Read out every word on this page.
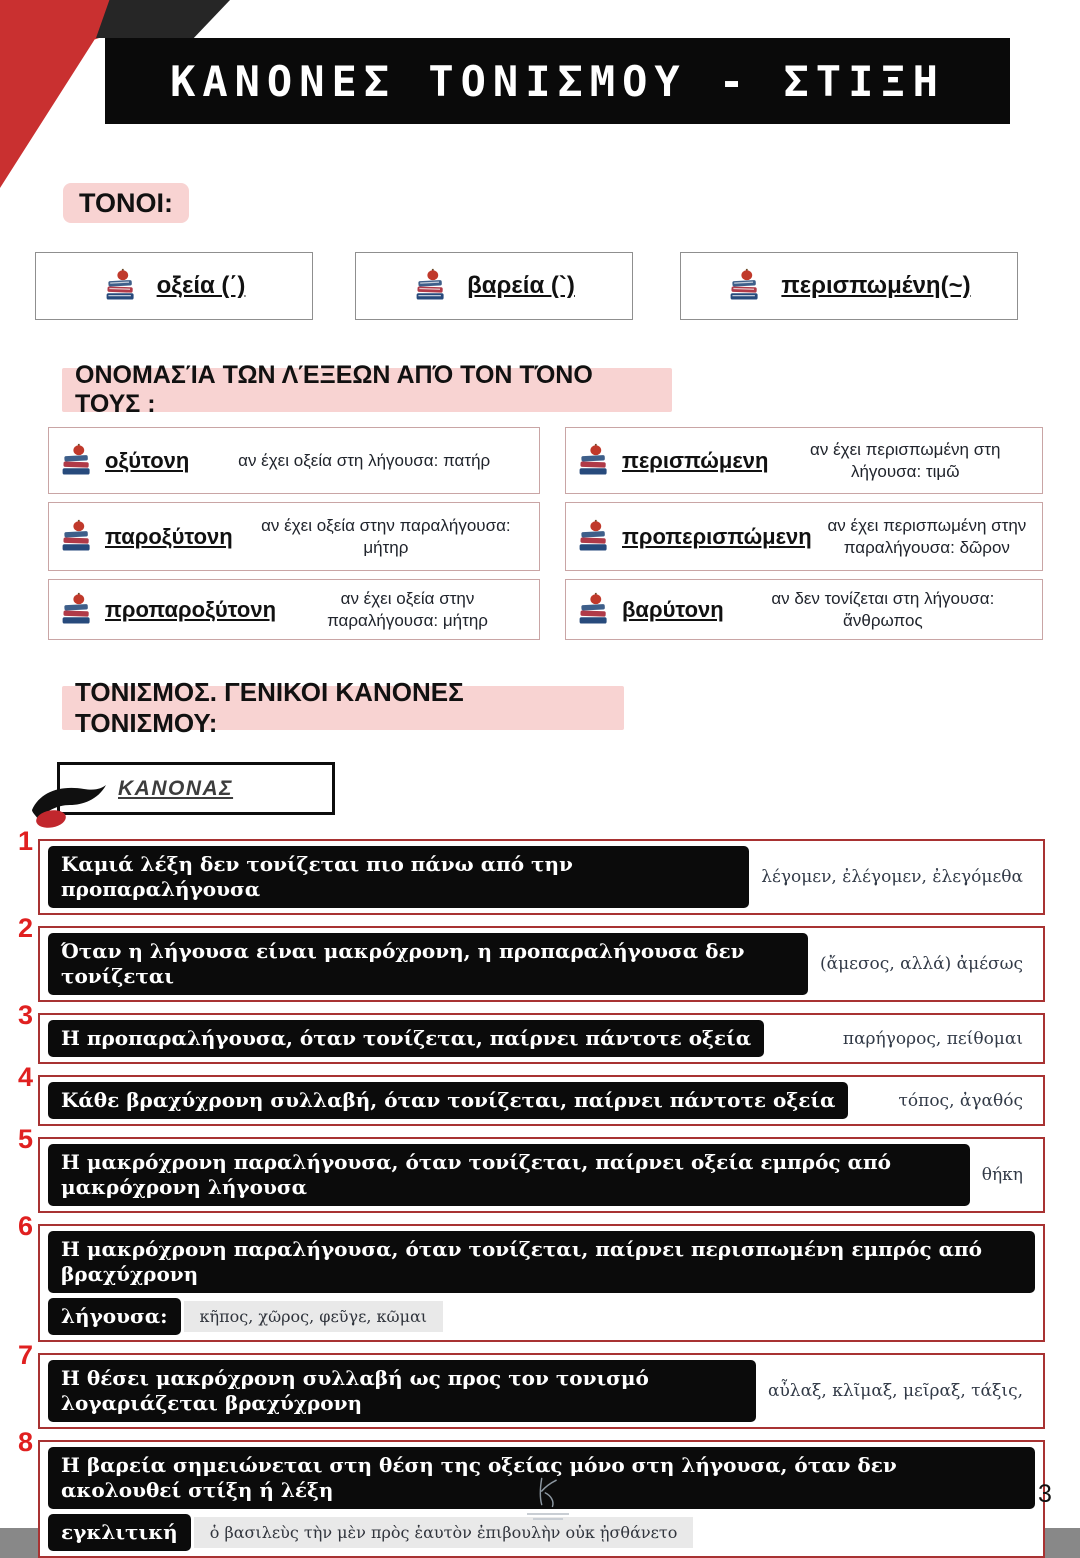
ΚΑΝΟΝΕΣ ΤΟΝΙΣΜΟΥ - ΣΤΙΞΗ
ΤΟΝΟΙ:
οξεία (΄)	βαρεία (`)	περισπωμένη(~)
ΟΝΟΜΑΣΊΑ ΤΩΝ ΛΈΞΕΩΝ ΑΠΌ ΤΟΝ ΤΌΝΟ ΤΟΥΣ :
οξύτονη	αν έχει οξεία στη λήγουσα: πατήρ	περισπώμενη	αν έχει περισπωμένη στη λήγουσα: τιμῶ
παροξύτονη	αν έχει οξεία στην παραλήγουσα: μήτηρ	προπερισπώμενη αν έχει περισπωμένη στην παραλήγουσα: δῶρον
προπαροξύτονη	αν έχει οξεία στην παραλήγουσα: μήτηρ	βαρύτονη	αν δεν τονίζεται στη λήγουσα: ἄνθρωπος
ΤΟΝΙΣΜΟΣ. ΓΕΝΙΚΟΙ ΚΑΝΟΝΕΣ ΤΟΝΙΣΜΟΥ:
ΚΑΝΟΝΑΣ
1
Καμιά λέξη δεν τονίζεται πιο πάνω από την προπαραλήγουσα	λέγομεν, ἐλέγομεν, ἐλεγόμεθα
2
Όταν η λήγουσα είναι μακρόχρονη, η προπαραλήγουσα δεν τονίζεται	(ἄμεσος, αλλά) ἀμέσως
3
Η προπαραλήγουσα, όταν τονίζεται, παίρνει πάντοτε οξεία	παρήγορος, πείθομαι
4
Κάθε βραχύχρονη συλλαβή, όταν τονίζεται, παίρνει πάντοτε οξεία	τόπος, ἀγαθός
5
Η μακρόχρονη παραλήγουσα, όταν τονίζεται, παίρνει οξεία εμπρός από μακρόχρονη λήγουσα	θήκη
6
Η μακρόχρονη παραλήγουσα, όταν τονίζεται, παίρνει περισπωμένη εμπρός από βραχύχρονη
λήγουσα:	κῆπος, χῶρος, φεῦγε, κῶμαι
7
Η θέσει μακρόχρονη συλλαβή ως προς τον τονισμό λογαριάζεται βραχύχρονη	αὖλαξ, κλῖμαξ, μεῖραξ, τάξις,
8
Η βαρεία σημειώνεται στη θέση της οξείας μόνο στη λήγουσα, όταν δεν ακολουθεί στίξη ή λέξη
εγκλιτική	ὁ βασιλεὺς τὴν μὲν πρὸς ἑαυτὸν ἐπιβουλὴν οὐκ ᾐσθάνετο
3
